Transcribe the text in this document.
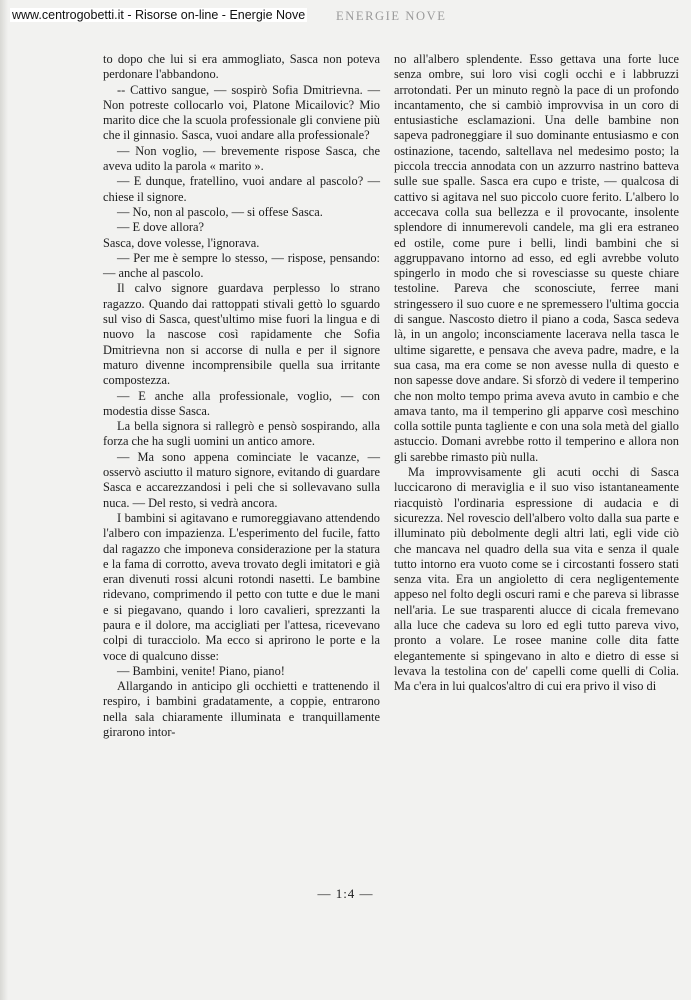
www.centrogobetti.it - Risorse on-line - Energie Nove ENERGIE NOVE

to dopo che lui si era ammogliato, Sasca non poteva perdonare l'abbandono.

-- Cattivo sangue, — sospirò Sofia Dmitrievna. — Non potreste collocarlo voi, Platone Micailovic? Mio marito dice che la scuola professionale gli conviene più che il ginnasio. Sasca, vuoi andare alla professionale?

— Non voglio, — brevemente rispose Sasca, che aveva udito la parola « marito ».

— E dunque, fratellino, vuoi andare al pascolo? — chiese il signore.

— No, non al pascolo, — si offese Sasca.

— E dove allora?

Sasca, dove volesse, l'ignorava.

— Per me è sempre lo stesso, — rispose, pensando: — anche al pascolo.

Il calvo signore guardava perplesso lo strano ragazzo. Quando dai rattoppati stivali gettò lo sguardo sul viso di Sasca, quest'ultimo mise fuori la lingua e di nuovo la nascose così rapidamente che Sofia Dmitrievna non si accorse di nulla e per il signore maturo divenne incomprensibile quella sua irritante compostezza.

— E anche alla professionale, voglio, — con modestia disse Sasca.

La bella signora si rallegrò e pensò sospirando, alla forza che ha sugli uomini un antico amore.

— Ma sono appena cominciate le vacanze, — osservò asciutto il maturo signore, evitando di guardare Sasca e accarezzandosi i peli che si sollevavano sulla nuca. — Del resto, si vedrà ancora.

I bambini si agitavano e rumoreggiavano attendendo l'albero con impazienza. L'esperimento del fucile, fatto dal ragazzo che imponeva considerazione per la statura e la fama di corrotto, aveva trovato degli imitatori e già eran divenuti rossi alcuni rotondi nasetti. Le bambine ridevano, comprimendo il petto con tutte e due le mani e si piegavano, quando i loro cavalieri, sprezzanti la paura e il dolore, ma accigliati per l'attesa, ricevevano colpi di turacciolo. Ma ecco si aprirono le porte e la voce di qualcuno disse:

— Bambini, venite! Piano, piano!

Allargando in anticipo gli occhietti e trattenendo il respiro, i bambini gradatamente, a coppie, entrarono nella sala chiaramente illuminata e tranquillamente girarono intor-

no all'albero splendente. Esso gettava una forte luce senza ombre, sui loro visi cogli occhi e i labbruzzi arrotondati. Per un minuto regnò la pace di un profondo incantamento, che si cambiò improvvisa in un coro di entusiastiche esclamazioni. Una delle bambine non sapeva padroneggiare il suo dominante entusiasmo e con ostinazione, tacendo, saltellava nel medesimo posto; la piccola treccia annodata con un azzurro nastrino batteva sulle sue spalle. Sasca era cupo e triste, — qualcosa di cattivo si agitava nel suo piccolo cuore ferito. L'albero lo accecava colla sua bellezza e il provocante, insolente splendore di innumerevoli candele, ma gli era estraneo ed ostile, come pure i belli, lindi bambini che si aggruppavano intorno ad esso, ed egli avrebbe voluto spingerlo in modo che si rovesciasse su queste chiare testoline. Pareva che sconosciute, ferree mani stringessero il suo cuore e ne spremessero l'ultima goccia di sangue. Nascosto dietro il piano a coda, Sasca sedeva là, in un angolo; inconsciamente lacerava nella tasca le ultime sigarette, e pensava che aveva padre, madre, e la sua casa, ma era come se non avesse nulla di questo e non sapesse dove andare. Si sforzò di vedere il temperino che non molto tempo prima aveva avuto in cambio e che amava tanto, ma il temperino gli apparve così meschino colla sottile punta tagliente e con una sola metà del giallo astuccio. Domani avrebbe rotto il temperino e allora non gli sarebbe rimasto più nulla.

Ma improvvisamente gli acuti occhi di Sasca luccicarono di meraviglia e il suo viso istantaneamente riacquistò l'ordinaria espressione di audacia e di sicurezza. Nel rovescio dell'albero volto dalla sua parte e illuminato più debolmente degli altri lati, egli vide ciò che mancava nel quadro della sua vita e senza il quale tutto intorno era vuoto come se i circostanti fossero stati senza vita. Era un angioletto di cera negligentemente appeso nel folto degli oscuri rami e che pareva si librasse nell'aria. Le sue trasparenti alucce di cicala fremevano alla luce che cadeva su loro ed egli tutto pareva vivo, pronto a volare. Le rosee manine colle dita fatte elegantemente si spingevano in alto e dietro di esse si levava la testolina con de' capelli come quelli di Colia. Ma c'era in lui qualcos'altro di cui era privo il viso di

— 1:4 —
